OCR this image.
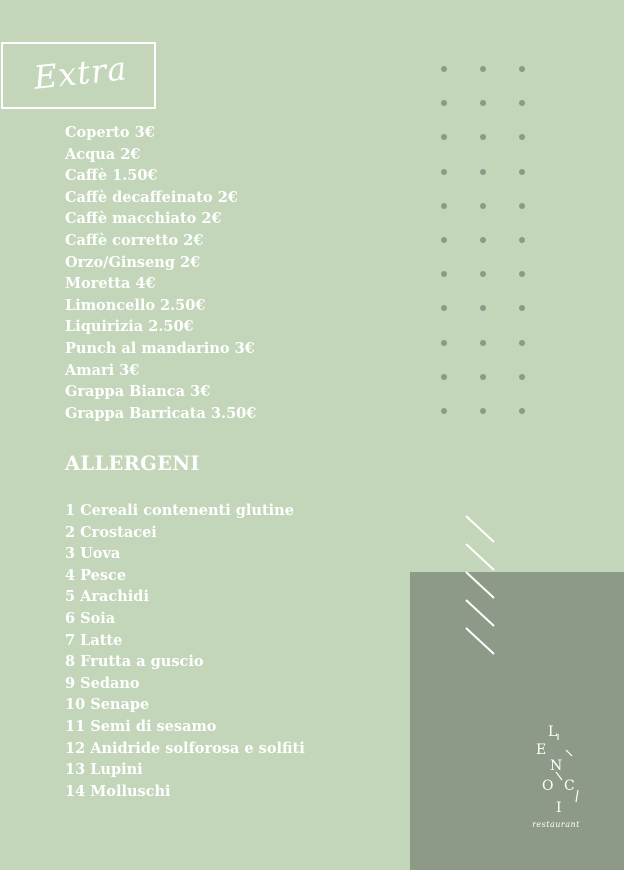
Extra
Coperto 3€
Acqua 2€
Caffè 1.50€
Caffè decaffeinato 2€
Caffè macchiato 2€
Caffè corretto 2€
Orzo/Ginseng 2€
Moretta 4€
Limoncello 2.50€
Liquirizia 2.50€
Punch al mandarino 3€
Amari 3€
Grappa Bianca 3€
Grappa Barricata 3.50€
ALLERGENI
1 Cereali contenenti glutine
2 Crostacei
3 Uova
4 Pesce
5 Arachidi
6 Soia
7 Latte
8 Frutta a guscio
9 Sedano
10 Senape
11 Semi di sesamo
12 Anidride solforosa e solfiti
13 Lupini
14 Molluschi
L
E
N
O C
I
restaurant
